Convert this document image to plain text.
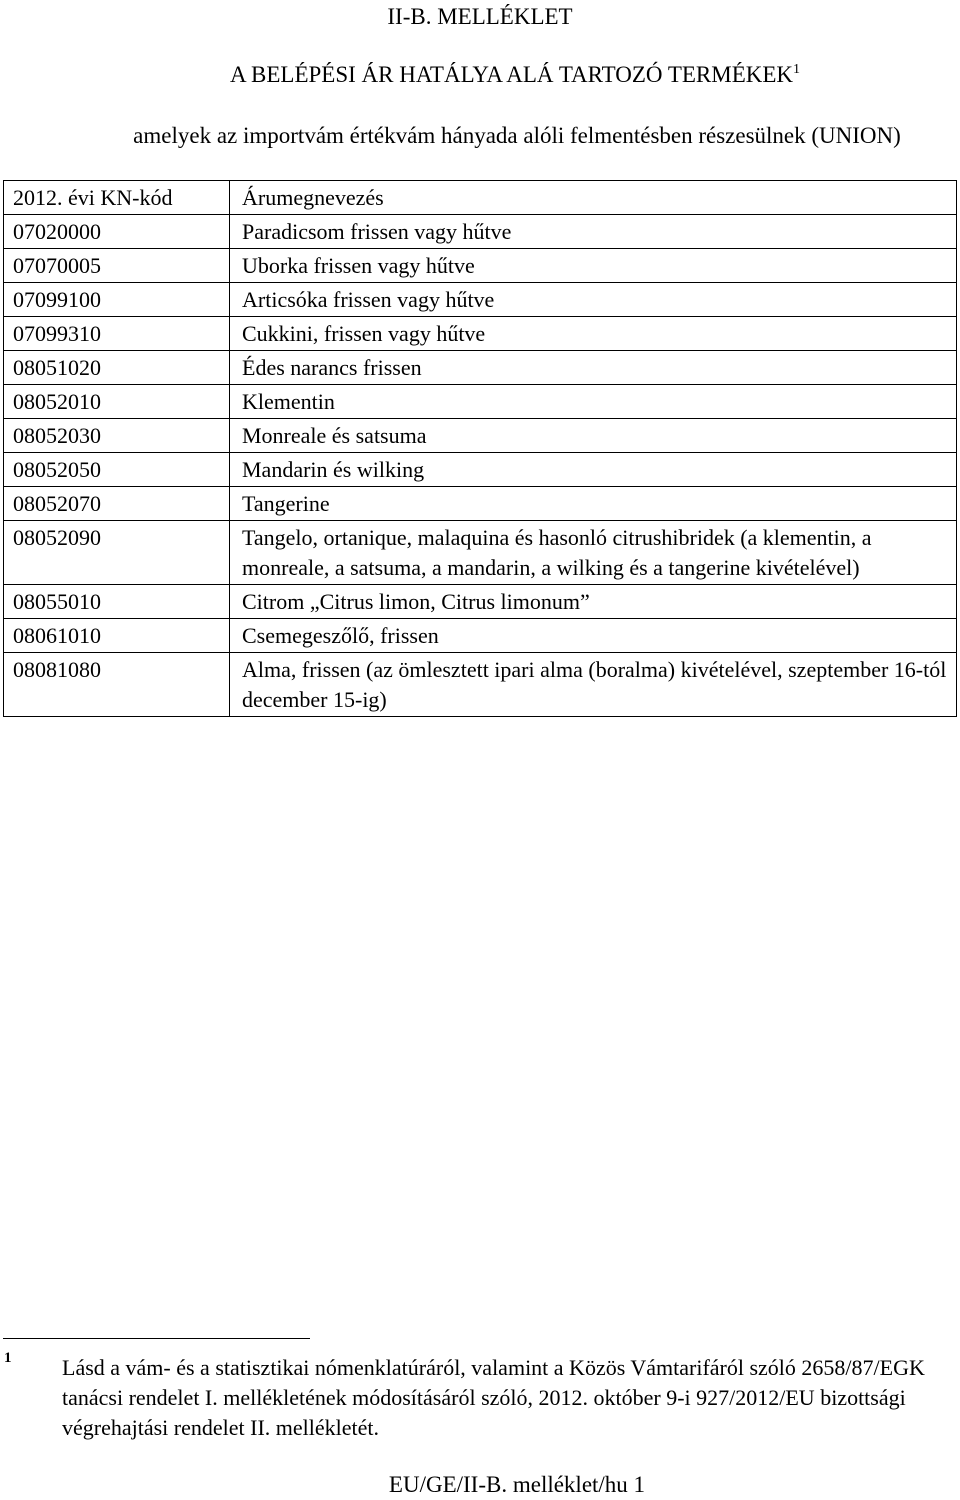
II-B. MELLÉKLET
A BELÉPÉSI ÁR HATÁLYA ALÁ TARTOZÓ TERMÉKEK$^1$
amelyek az importvám értékvám hányada alóli felmentésben részesülnek (UNION)
2012. évi KN-kód	Árumegnevezés
07020000	Paradicsom frissen vagy hűtve
07070005	Uborka frissen vagy hűtve
07099100	Articsóka frissen vagy hűtve
07099310	Cukkini, frissen vagy hűtve
08051020	Édes narancs frissen
08052010	Klementin
08052030	Monreale és satsuma
08052050	Mandarin és wilking
08052070	Tangerine
08052090	Tangelo, ortanique, malaquina és hasonló citrushibridek (a klementin, a monreale, a satsuma, a mandarin, a wilking és a tangerine kivételével)
08055010	Citrom „Citrus limon, Citrus limonum”
08061010	Csemegeszőlő, frissen
08081080	Alma, frissen (az ömlesztett ipari alma (boralma) kivételével, szeptember 16-tól december 15-ig)
1 Lásd a vám- és a statisztikai nómenklatúráról, valamint a Közös Vámtarifáról szóló 2658/87/EGK tanácsi rendelet I. mellékletének módosításáról szóló, 2012. október 9-i 927/2012/EU bizottsági végrehajtási rendelet II. mellékletét.
EU/GE/II-B. melléklet/hu 1
